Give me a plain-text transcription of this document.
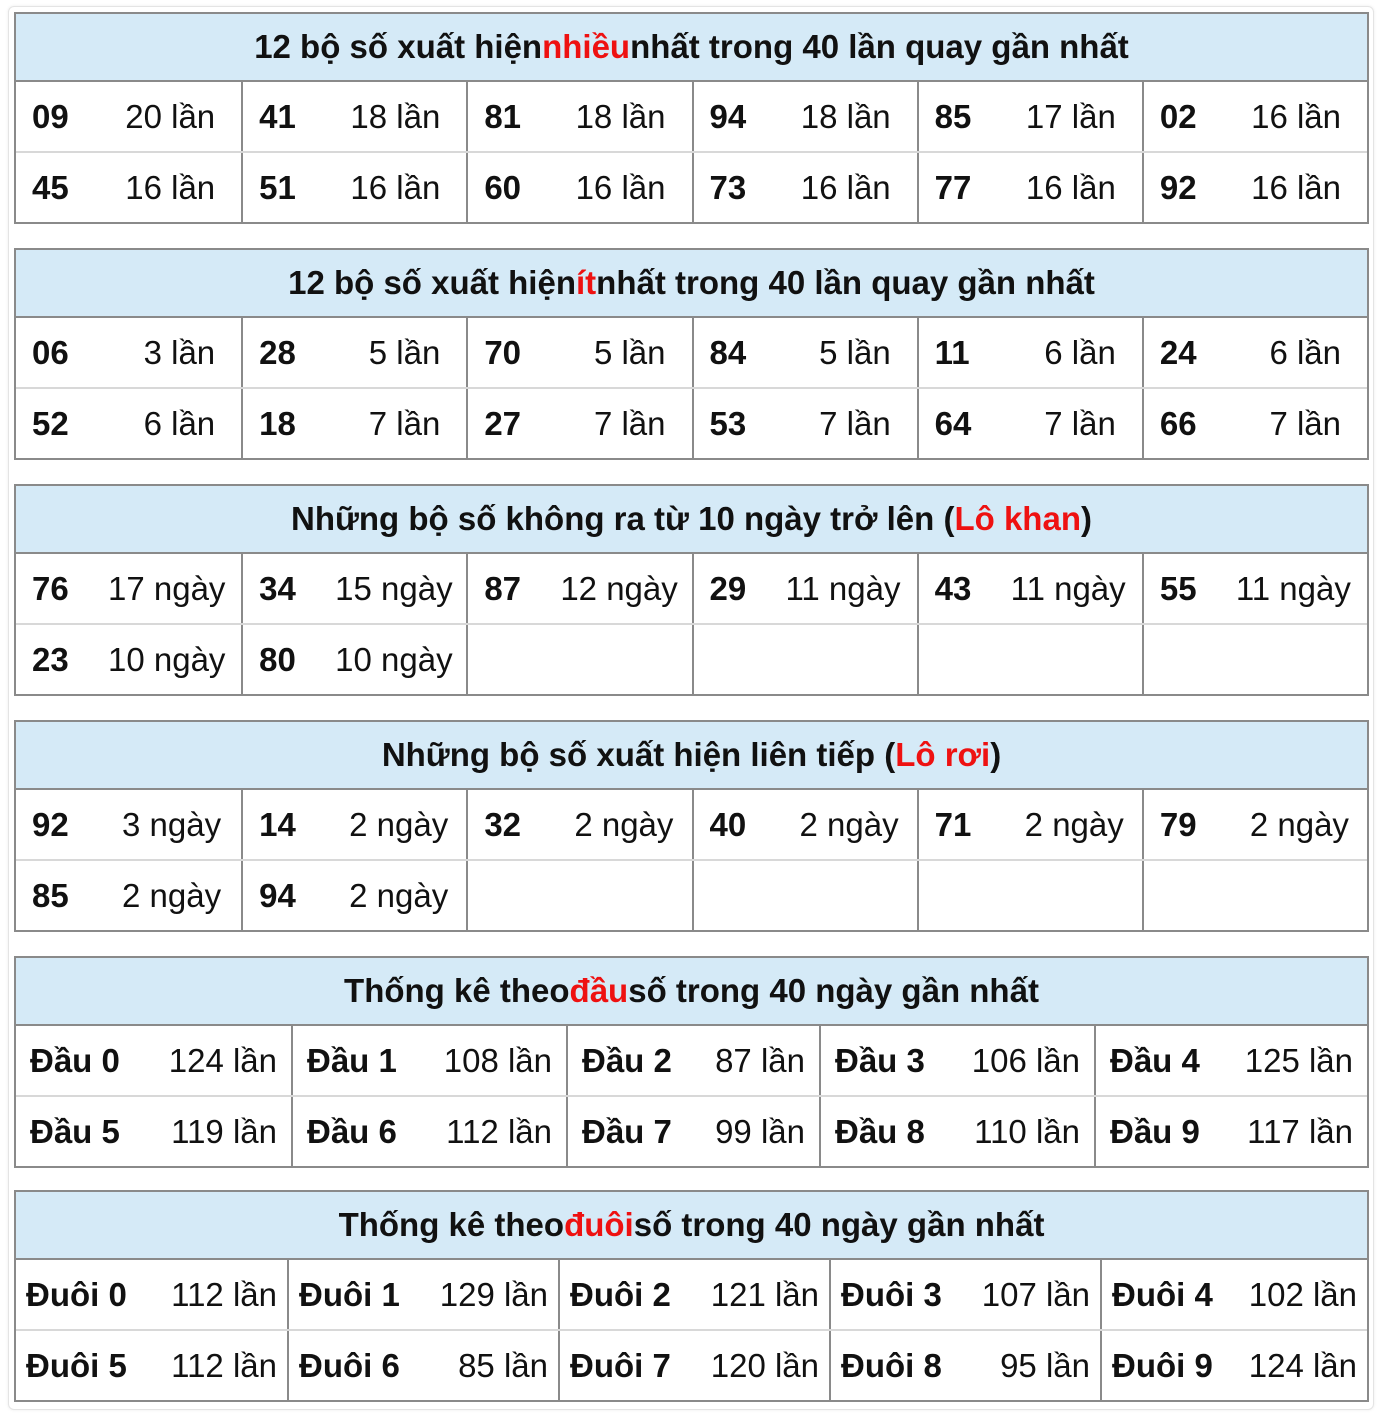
12 bộ số xuất hiện nhiều nhất trong 40 lần quay gần nhất
09	20 lần	41	18 lần	81	18 lần	94	18 lần	85	17 lần	02	16 lần
45	16 lần	51	16 lần	60	16 lần	73	16 lần	77	16 lần	92	16 lần
12 bộ số xuất hiện ít nhất trong 40 lần quay gần nhất
06	3 lần	28	5 lần	70	5 lần	84	5 lần	11	6 lần	24	6 lần
52	6 lần	18	7 lần	27	7 lần	53	7 lần	64	7 lần	66	7 lần
Những bộ số không ra từ 10 ngày trở lên ( Lô khan )
76	17 ngày	34	15 ngày 87	12 ngày 29	11 ngày	43	11 ngày	55	11 ngày
23	10 ngày	80	10 ngày
Những bộ số xuất hiện liên tiếp ( Lô rơi )
92	3 ngày	14	2 ngày	32	2 ngày	40	2 ngày	71	2 ngày	79	2 ngày
85	2 ngày	94	2 ngày
Thống kê theo đầu số trong 40 ngày gần nhất
Đầu 0 124 lần Đầu 1 108 lần Đầu 2 87 lần Đầu 3 106 lần Đầu 4 125 lần
Đầu 5 119 lần Đầu 6 112 lần Đầu 7 99 lần Đầu 8 110 lần Đầu 9 117 lần
Thống kê theo đuôi số trong 40 ngày gần nhất
Đuôi 0 112 lần Đuôi 1 129 lần Đuôi 2 121 lần Đuôi 3 107 lần Đuôi 4 102 lần
Đuôi 5 112 lần Đuôi 6 85 lần Đuôi 7 120 lần Đuôi 8 95 lần Đuôi 9 124 lần
